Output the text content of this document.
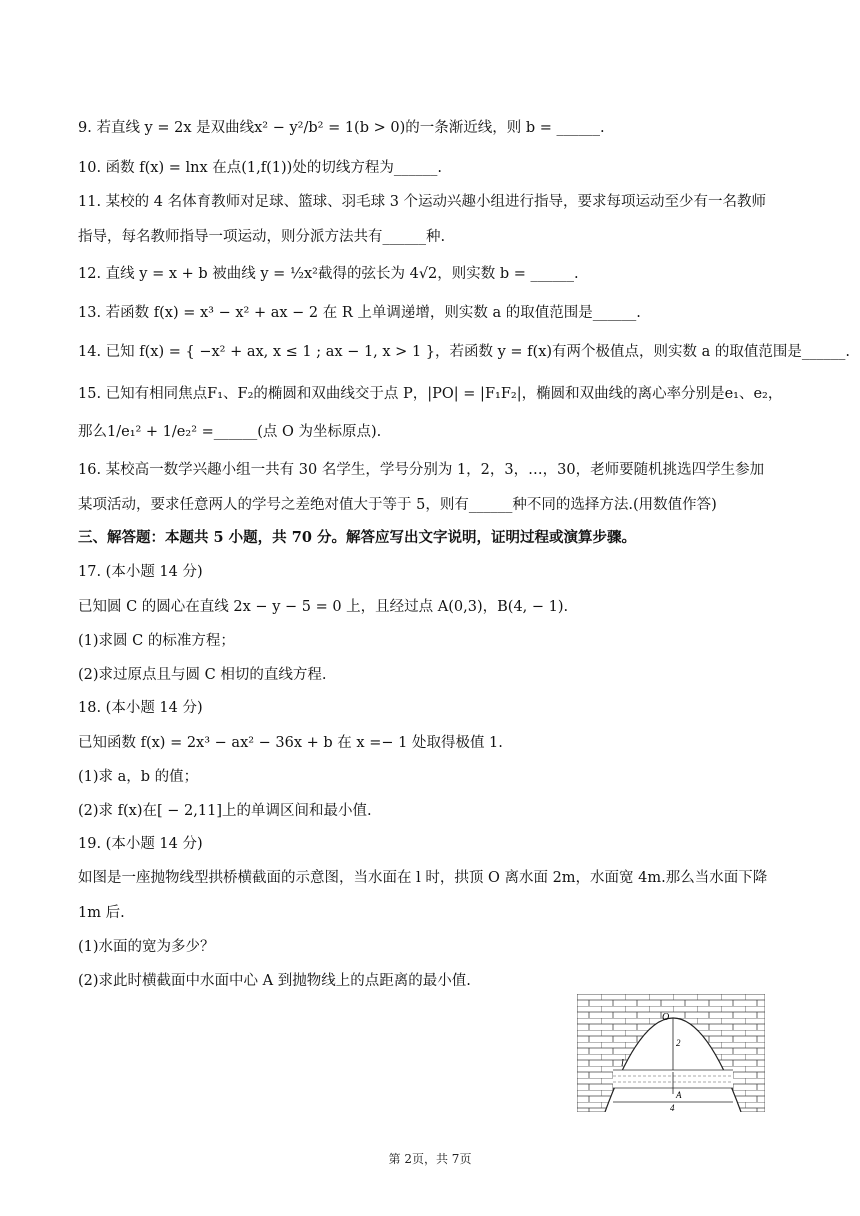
9. 若直线 y = 2x 是双曲线x² − y²/b² = 1(b > 0)的一条渐近线，则 b = ______.
10. 函数 f(x) = lnx 在点(1,f(1))处的切线方程为______.
11. 某校的 4 名体育教师对足球、篮球、羽毛球 3 个运动兴趣小组进行指导，要求每项运动至少有一名教师
指导，每名教师指导一项运动，则分派方法共有______种.
12. 直线 y = x + b 被曲线 y = ½x²截得的弦长为 4√2，则实数 b = ______.
13. 若函数 f(x) = x³ − x² + ax − 2 在 R 上单调递增，则实数 a 的取值范围是______.
14. 已知 f(x) = { −x² + ax, x ≤ 1 ; ax − 1, x > 1 }，若函数 y = f(x)有两个极值点，则实数 a 的取值范围是______.
15. 已知有相同焦点F₁、F₂的椭圆和双曲线交于点 P，|PO| = |F₁F₂|，椭圆和双曲线的离心率分别是e₁、e₂，
那么1/e₁² + 1/e₂² =______(点 O 为坐标原点).
16. 某校高一数学兴趣小组一共有 30 名学生，学号分别为 1，2，3，…，30，老师要随机挑选四学生参加
某项活动，要求任意两人的学号之差绝对值大于等于 5，则有______种不同的选择方法.(用数值作答)
三、解答题：本题共 5 小题，共 70 分。解答应写出文字说明，证明过程或演算步骤。
17. (本小题 14 分)
已知圆 C 的圆心在直线 2x − y − 5 = 0 上，且经过点 A(0,3)，B(4, − 1).
(1)求圆 C 的标准方程；
(2)求过原点且与圆 C 相切的直线方程.
18. (本小题 14 分)
已知函数 f(x) = 2x³ − ax² − 36x + b 在 x =− 1 处取得极值 1.
(1)求 a，b 的值；
(2)求 f(x)在[ − 2,11]上的单调区间和最小值.
19. (本小题 14 分)
如图是一座抛物线型拱桥横截面的示意图，当水面在 l 时，拱顶 O 离水面 2m，水面宽 4m.那么当水面下降
1m 后.
(1)水面的宽为多少？
(2)求此时横截面中水面中心 A 到抛物线上的点距离的最小值.
O
2
l
A
4
第 2页，共 7页
